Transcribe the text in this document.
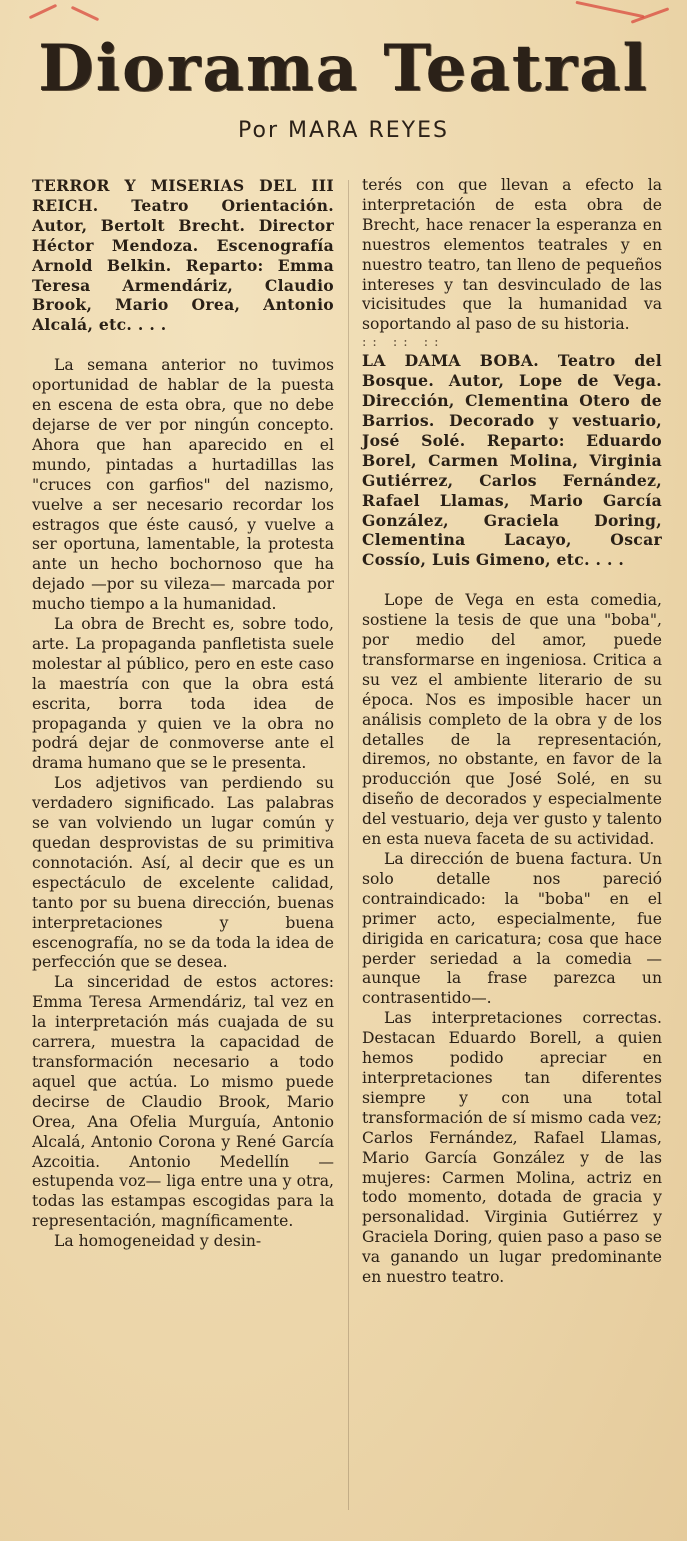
Diorama Teatral
Por MARA REYES

TERROR Y MISERIAS DEL III REICH. Teatro Orientación. Autor, Bertolt Brecht. Director Héctor Mendoza. Escenografía Arnold Belkin. Reparto: Emma Teresa Armendáriz, Claudio Brook, Mario Orea, Antonio Alcalá, etc. . . .

La semana anterior no tuvimos oportunidad de hablar de la puesta en escena de esta obra, que no debe dejarse de ver por ningún concepto. Ahora que han aparecido en el mundo, pintadas a hurtadillas las "cruces con garfios" del nazismo, vuelve a ser necesario recordar los estragos que éste causó, y vuelve a ser oportuna, lamentable, la protesta ante un hecho bochornoso que ha dejado —por su vileza— marcada por mucho tiempo a la humanidad.

La obra de Brecht es, sobre todo, arte. La propaganda panfletista suele molestar al público, pero en este caso la maestría con que la obra está escrita, borra toda idea de propaganda y quien ve la obra no podrá dejar de conmoverse ante el drama humano que se le presenta.

Los adjetivos van perdiendo su verdadero significado. Las palabras se van volviendo un lugar común y quedan desprovistas de su primitiva connotación. Así, al decir que es un espectáculo de excelente calidad, tanto por su buena dirección, buenas interpretaciones y buena escenografía, no se da toda la idea de perfección que se desea.

La sinceridad de estos actores: Emma Teresa Armendáriz, tal vez en la interpretación más cuajada de su carrera, muestra la capacidad de transformación necesario a todo aquel que actúa. Lo mismo puede decirse de Claudio Brook, Mario Orea, Ana Ofelia Murguía, Antonio Alcalá, Antonio Corona y René García Azcoitia. Antonio Medellín —estupenda voz— liga entre una y otra, todas las estampas escogidas para la representación, magníficamente.

La homogeneidad y desin-

terés con que llevan a efecto la interpretación de esta obra de Brecht, hace renacer la esperanza en nuestros elementos teatrales y en nuestro teatro, tan lleno de pequeños intereses y tan desvinculado de las vicisitudes que la humanidad va soportando al paso de su historia.

:: :: ::

LA DAMA BOBA. Teatro del Bosque. Autor, Lope de Vega. Dirección, Clementina Otero de Barrios. Decorado y vestuario, José Solé. Reparto: Eduardo Borel, Carmen Molina, Virginia Gutiérrez, Carlos Fernández, Rafael Llamas, Mario García González, Graciela Doring, Clementina Lacayo, Oscar Cossío, Luis Gimeno, etc. . . .

Lope de Vega en esta comedia, sostiene la tesis de que una "boba", por medio del amor, puede transformarse en ingeniosa. Critica a su vez el ambiente literario de su época. Nos es imposible hacer un análisis completo de la obra y de los detalles de la representación, diremos, no obstante, en favor de la producción que José Solé, en su diseño de decorados y especialmente del vestuario, deja ver gusto y talento en esta nueva faceta de su actividad.

La dirección de buena factura. Un solo detalle nos pareció contraindicado: la "boba" en el primer acto, especialmente, fue dirigida en caricatura; cosa que hace perder seriedad a la comedia —aunque la frase parezca un contrasentido—.

Las interpretaciones correctas. Destacan Eduardo Borell, a quien hemos podido apreciar en interpretaciones tan diferentes siempre y con una total transformación de sí mismo cada vez; Carlos Fernández, Rafael Llamas, Mario García González y de las mujeres: Carmen Molina, actriz en todo momento, dotada de gracia y personalidad. Virginia Gutiérrez y Graciela Doring, quien paso a paso se va ganando un lugar predominante en nuestro teatro.
